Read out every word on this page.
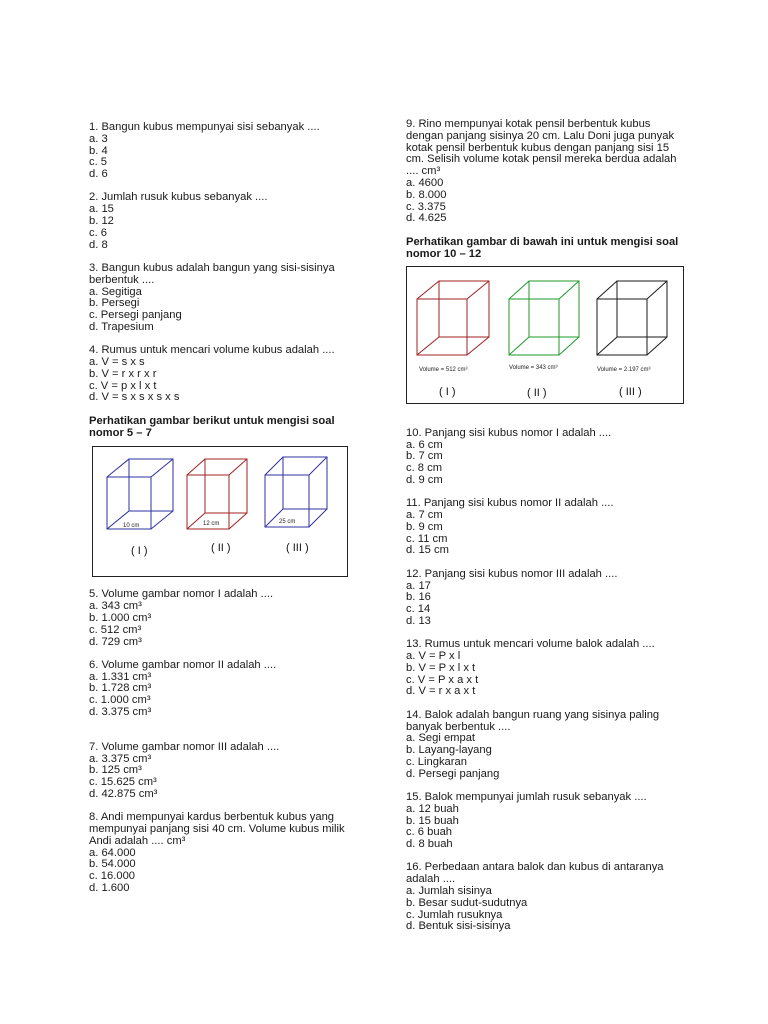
1. Bangun kubus mempunyai sisi sebanyak ....
a. 3
b. 4
c. 5
d. 6
2. Jumlah rusuk kubus sebanyak ....
a. 15
b. 12
c. 6
d. 8
3. Bangun kubus adalah bangun yang sisi-sisinya berbentuk ....
a. Segitiga
b. Persegi
c. Persegi panjang
d. Trapesium
4. Rumus untuk mencari volume kubus adalah ....
a. V = s x s
b. V = r x r x r
c. V = p x l x t
d. V = s x s x s x s
Perhatikan gambar berikut untuk mengisi soal nomor 5 – 7
10 cm	12 cm	25 cm
( I )	( II )	( III )
5. Volume gambar nomor I adalah ....
a. 343 cm³
b. 1.000 cm³
c. 512 cm³
d. 729 cm³
6. Volume gambar nomor II adalah ....
a. 1.331 cm³
b. 1.728 cm³
c. 1.000 cm³
d. 3.375 cm³
7. Volume gambar nomor III adalah ....
a. 3.375 cm³
b. 125 cm³
c. 15.625 cm³
d. 42.875 cm³
8. Andi mempunyai kardus berbentuk kubus yang mempunyai panjang sisi 40 cm. Volume kubus milik Andi adalah .... cm³
a. 64.000
b. 54.000
c. 16.000
d. 1.600
9. Rino mempunyai kotak pensil berbentuk kubus dengan panjang sisinya 20 cm. Lalu Doni juga punyak kotak pensil berbentuk kubus dengan panjang sisi 15 cm. Selisih volume kotak pensil mereka berdua adalah .... cm³
a. 4600
b. 8.000
c. 3.375
d. 4.625
Perhatikan gambar di bawah ini untuk mengisi soal nomor 10 – 12
Volume = 512 cm³	Volume = 343 cm³	Volume = 2.197 cm³
( I )	( II )	( III )
10. Panjang sisi kubus nomor I adalah ....
a. 6 cm
b. 7 cm
c. 8 cm
d. 9 cm
11. Panjang sisi kubus nomor II adalah ....
a. 7 cm
b. 9 cm
c. 11 cm
d. 15 cm
12. Panjang sisi kubus nomor III adalah ....
a. 17
b. 16
c. 14
d. 13
13. Rumus untuk mencari volume balok adalah ....
a. V = P x l
b. V = P x l x t
c. V = P x a x t
d. V = r x a x t
14. Balok adalah bangun ruang yang sisinya paling banyak berbentuk ....
a. Segi empat
b. Layang-layang
c. Lingkaran
d. Persegi panjang
15. Balok mempunyai jumlah rusuk sebanyak ....
a. 12 buah
b. 15 buah
c. 6 buah
d. 8 buah
16. Perbedaan antara balok dan kubus di antaranya adalah ....
a. Jumlah sisinya
b. Besar sudut-sudutnya
c. Jumlah rusuknya
d. Bentuk sisi-sisinya
